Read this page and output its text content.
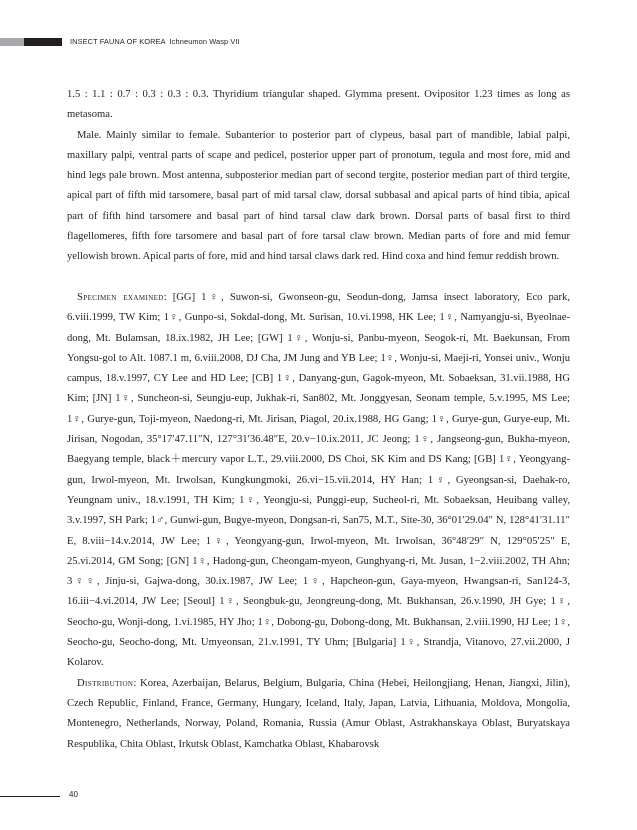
INSECT FAUNA OF KOREA Ichneumon Wasp VII

1.5 : 1.1 : 0.7 : 0.3 : 0.3 : 0.3. Thyridium triangular shaped. Glymma present. Ovipositor 1.23 times as long as metasoma.

Male. Mainly similar to female. Subanterior to posterior part of clypeus, basal part of mandible, labial palpi, maxillary palpi, ventral parts of scape and pedicel, posterior upper part of pronotum, tegula and most fore, mid and hind legs pale brown. Most antenna, subposterior median part of second tergite, posterior median part of third tergite, apical part of fifth mid tarsomere, basal part of mid tarsal claw, dorsal subbasal and apical parts of hind tibia, apical part of fifth hind tarsomere and basal part of hind tarsal claw dark brown. Dorsal parts of basal first to third flagellomeres, fifth fore tarsomere and basal part of fore tarsal claw brown. Median parts of fore and mid femur yellowish brown. Apical parts of fore, mid and hind tarsal claws dark red. Hind coxa and hind femur reddish brown.

Specimen examined: [GG] 1♀, Suwon-si, Gwonseon-gu, Seodun-dong, Jamsa insect laboratory, Eco park, 6.viii.1999, TW Kim; 1♀, Gunpo-si, Sokdal-dong, Mt. Surisan, 10.vi.1998, HK Lee; 1♀, Namyangju-si, Byeolnae-dong, Mt. Bulamsan, 18.ix.1982, JH Lee; [GW] 1♀, Wonju-si, Panbu-myeon, Seogok-ri, Mt. Baekunsan, From Yongsu-gol to Alt. 1087.1 m, 6.viii.2008, DJ Cha, JM Jung and YB Lee; 1♀, Wonju-si, Maeji-ri, Yonsei univ., Wonju campus, 18.v.1997, CY Lee and HD Lee; [CB] 1♀, Danyang-gun, Gagok-myeon, Mt. Sobaeksan, 31.vii.1988, HG Kim; [JN] 1♀, Suncheon-si, Seungju-eup, Jukhak-ri, San802, Mt. Jonggyesan, Seonam temple, 5.v.1995, MS Lee; 1♀, Gurye-gun, Toji-myeon, Naedong-ri, Mt. Jirisan, Piagol, 20.ix.1988, HG Gang; 1♀, Gurye-gun, Gurye-eup, Mt. Jirisan, Nogodan, 35°17′47.11″N, 127°31′36.48″E, 20.v−10.ix.2011, JC Jeong; 1♀, Jangseong-gun, Bukha-myeon, Baegyang temple, black＋mercury vapor L.T., 29.viii.2000, DS Choi, SK Kim and DS Kang; [GB] 1♀, Yeongyang-gun, Irwol-myeon, Mt. Irwolsan, Kungkungmoki, 26.vi−15.vii.2014, HY Han; 1♀, Gyeongsan-si, Daehak-ro, Yeungnam univ., 18.v.1991, TH Kim; 1♀, Yeongju-si, Punggi-eup, Sucheol-ri, Mt. Sobaeksan, Heuibang valley, 3.v.1997, SH Park; 1♂, Gunwi-gun, Bugye-myeon, Dongsan-ri, San75, M.T., Site-30, 36°01′29.04″ N, 128°41′31.11″ E, 8.viii−14.v.2014, JW Lee; 1♀, Yeongyang-gun, Irwol-myeon, Mt. Irwolsan, 36°48′29″ N, 129°05′25″ E, 25.vi.2014, GM Song; [GN] 1♀, Hadong-gun, Cheongam-myeon, Gunghyang-ri, Mt. Jusan, 1−2.viii.2002, TH Ahn; 3♀♀, Jinju-si, Gajwa-dong, 30.ix.1987, JW Lee; 1♀, Hapcheon-gun, Gaya-myeon, Hwangsan-ri, San124-3, 16.iii−4.vi.2014, JW Lee; [Seoul] 1♀, Seongbuk-gu, Jeongreung-dong, Mt. Bukhansan, 26.v.1990, JH Gye; 1♀, Seocho-gu, Wonji-dong, 1.vi.1985, HY Jho; 1♀, Dobong-gu, Dobong-dong, Mt. Bukhansan, 2.viii.1990, HJ Lee; 1♀, Seocho-gu, Seocho-dong, Mt. Umyeonsan, 21.v.1991, TY Uhm; [Bulgaria] 1♀, Strandja, Vitanovo, 27.vii.2000, J Kolarov.

Distribution: Korea, Azerbaijan, Belarus, Belgium, Bulgaria, China (Hebei, Heilongjiang, Henan, Jiangxi, Jilin), Czech Republic, Finland, France, Germany, Hungary, Iceland, Italy, Japan, Latvia, Lithuania, Moldova, Mongolia, Montenegro, Netherlands, Norway, Poland, Romania, Russia (Amur Oblast, Astrakhanskaya Oblast, Buryatskaya Respublika, Chita Oblast, Irkutsk Oblast, Kamchatka Oblast, Khabarovsk

40
